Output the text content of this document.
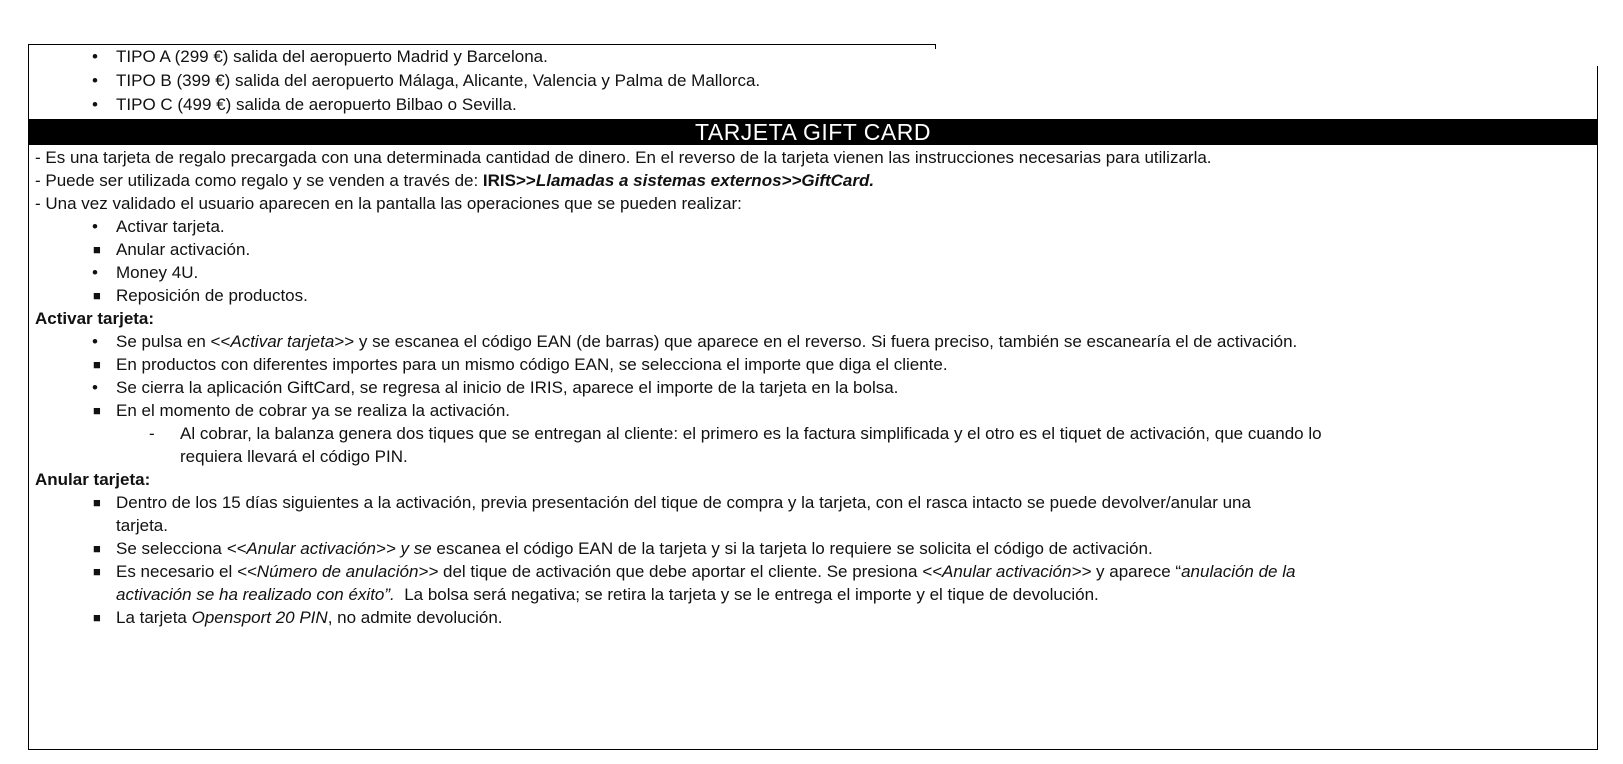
• TIPO A (299 €) salida del aeropuerto Madrid y Barcelona.
• TIPO B (399 €) salida del aeropuerto Málaga, Alicante, Valencia y Palma de Mallorca.
• TIPO C (499 €) salida de aeropuerto Bilbao o Sevilla.
TARJETA GIFT CARD
- Es una tarjeta de regalo precargada con una determinada cantidad de dinero. En el reverso de la tarjeta vienen las instrucciones necesarias para utilizarla.
- Puede ser utilizada como regalo y se venden a través de: IRIS>>Llamadas a sistemas externos>>GiftCard.
- Una vez validado el usuario aparecen en la pantalla las operaciones que se pueden realizar:
• Activar tarjeta.
■ Anular activación.
• Money 4U.
■ Reposición de productos.
Activar tarjeta:
• Se pulsa en <<Activar tarjeta>> y se escanea el código EAN (de barras) que aparece en el reverso. Si fuera preciso, también se escanearía el de activación.
■ En productos con diferentes importes para un mismo código EAN, se selecciona el importe que diga el cliente.
• Se cierra la aplicación GiftCard, se regresa al inicio de IRIS, aparece el importe de la tarjeta en la bolsa.
■ En el momento de cobrar ya se realiza la activación.
- Al cobrar, la balanza genera dos tiques que se entregan al cliente: el primero es la factura simplificada y el otro es el tiquet de activación, que cuando lo
requiera llevará el código PIN.
Anular tarjeta:
■ Dentro de los 15 días siguientes a la activación, previa presentación del tique de compra y la tarjeta, con el rasca intacto se puede devolver/anular una
tarjeta.
■ Se selecciona <<Anular activación>> y se escanea el código EAN de la tarjeta y si la tarjeta lo requiere se solicita el código de activación.
■ Es necesario el <<Número de anulación>> del tique de activación que debe aportar el cliente. Se presiona <<Anular activación>> y aparece “anulación de la
activación se ha realizado con éxito”.  La bolsa será negativa; se retira la tarjeta y se le entrega el importe y el tique de devolución.
■ La tarjeta Opensport 20 PIN, no admite devolución.
